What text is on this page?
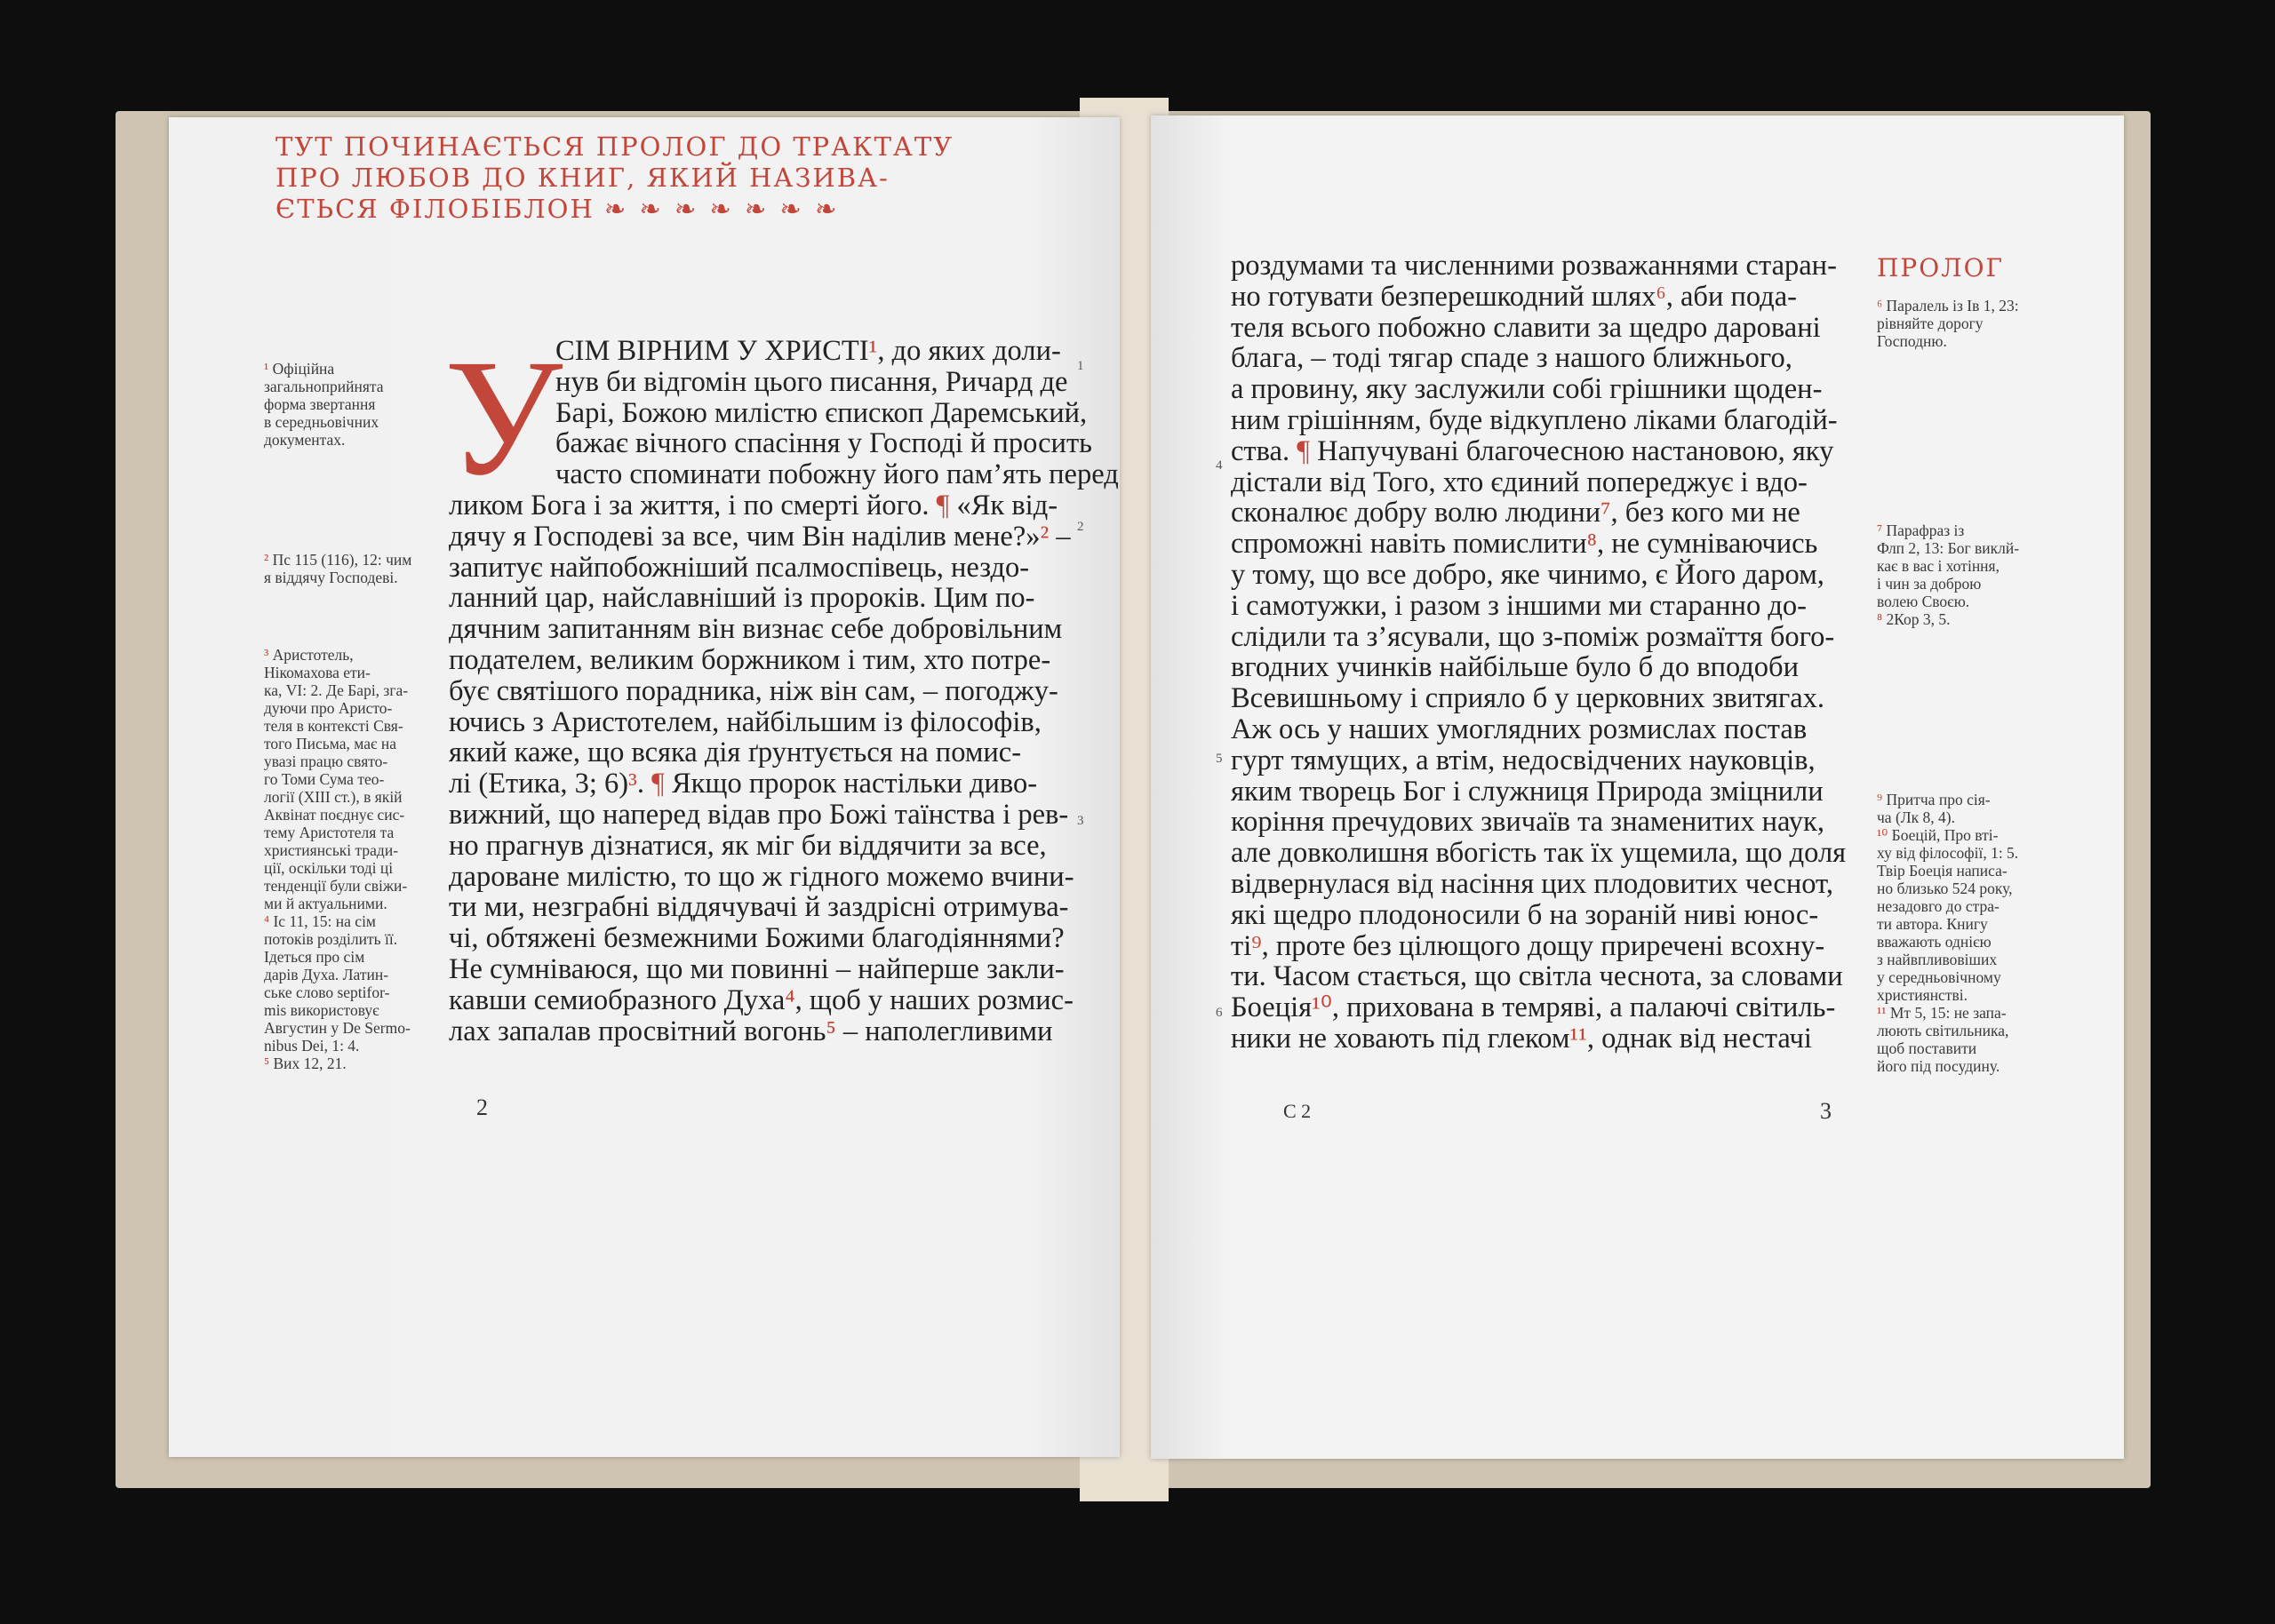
ТУТ ПОЧИНАЄТЬСЯ ПРОЛОГ ДО ТРАКТАТУ
ПРО ЛЮБОВ ДО КНИГ, ЯКИЙ НАЗИВА-
ЄТЬСЯ ФІЛОБІБЛОН ❧ ❧ ❧ ❧ ❧ ❧ ❧
У
СІМ ВІРНИМ У ХРИСТІ¹, до яких доли-
нув би відгомін цього писання, Ричард де
Барі, Божою милістю єпископ Даремський,
бажає вічного спасіння у Господі й просить
часто споминати побожну його пам’ять перед
ликом Бога і за життя, і по смерті його. ¶ «Як від-
дячу я Господеві за все, чим Він наділив мене?»² –
запитує найпобожніший псалмоспівець, нездо-
ланний цар, найславніший із пророків. Цим по-
дячним запитанням він визнає себе добровільним
подателем, великим боржником і тим, хто потре-
бує святішого порадника, ніж він сам, – погоджу-
ючись з Аристотелем, найбільшим із філософів,
який каже, що всяка дія ґрунтується на помис-
лі (Етика, 3; 6)³. ¶ Якщо пророк настільки диво-
вижний, що наперед відав про Божі таїнства і рев-
но прагнув дізнатися, як міг би віддячити за все,
дароване милістю, то що ж гідного можемо вчини-
ти ми, незграбні віддячувачі й заздрісні отримува-
чі, обтяжені безмежними Божими благодіяннями?
Не сумніваюся, що ми повинні – найперше закли-
кавши семиобразного Духа⁴, щоб у наших розмис-
лах запалав просвітний вогонь⁵ – наполегливими
1
2
3
¹ Офіційна
загальноприйнята
форма звертання
в середньовічних
документах.
² Пс 115 (116), 12: чим
я віддячу Господеві.
³ Аристотель,
Нікомахова ети-
ка, VI: 2. Де Барі, зга-
дуючи про Аристо-
теля в контексті Свя-
того Письма, має на
увазі працю свято-
го Томи Сума тео-
логії (XIII ст.), в якій
Аквінат поєднує сис-
тему Аристотеля та
християнські тради-
ції, оскільки тоді ці
тенденції були свіжи-
ми й актуальними.
⁴ Іс 11, 15: на сім
потоків розділить її.
Ідеться про сім
дарів Духа. Латин-
ське слово septifor-
mis використовує
Августин у De Sermo-
nibus Dei, 1: 4.
⁵ Вих 12, 21.
2
ПРОЛОГ
роздумами та численними розважаннями старан-
но готувати безперешкодний шлях⁶, аби пода-
теля всього побожно славити за щедро даровані
блага, – тоді тягар спаде з нашого ближнього,
а провину, яку заслужили собі грішники щоден-
ним грішінням, буде відкуплено ліками благодій-
ства. ¶ Напучувані благочесною настановою, яку
дістали від Того, хто єдиний попереджує і вдо-
сконалює добру волю людини⁷, без кого ми не
спроможні навіть помислити⁸, не сумніваючись
у тому, що все добро, яке чинимо, є Його даром,
і самотужки, і разом з іншими ми старанно до-
слідили та з’ясували, що з-поміж розмаїття бого-
вгодних учинків найбільше було б до вподоби
Всевишньому і сприяло б у церковних звитягах.
Аж ось у наших умоглядних розмислах постав
гурт тямущих, а втім, недосвідчених науковців,
яким творець Бог і служниця Природа зміцнили
коріння пречудових звичаїв та знаменитих наук,
але довколишня вбогість так їх ущемила, що доля
відвернулася від насіння цих плодовитих чеснот,
які щедро плодоносили б на зораній ниві юнос-
ті⁹, проте без цілющого дощу приречені всохну-
ти. Часом стається, що світла чеснота, за словами
Боеція¹⁰, прихована в темряві, а палаючі світиль-
ники не ховають під глеком¹¹, однак від нестачі
4
5
6
⁶ Паралель із Ів 1, 23:
рівняйте дорогу
Господню.
⁷ Парафраз із
Флп 2, 13: Бог виклй-
кає в вас і хотіння,
і чин за доброю
волею Своєю.
⁸ 2Кор 3, 5.
⁹ Притча про сія-
ча (Лк 8, 4).
¹⁰ Боецій, Про вті-
ху від філософії, 1: 5.
Твір Боеція написа-
но близько 524 року,
незадовго до стра-
ти автора. Книгу
вважають однією
з найвпливовіших
у середньовічному
християнстві.
¹¹ Мт 5, 15: не запа-
люють світильника,
щоб поставити
його під посудину.
С 2	3
